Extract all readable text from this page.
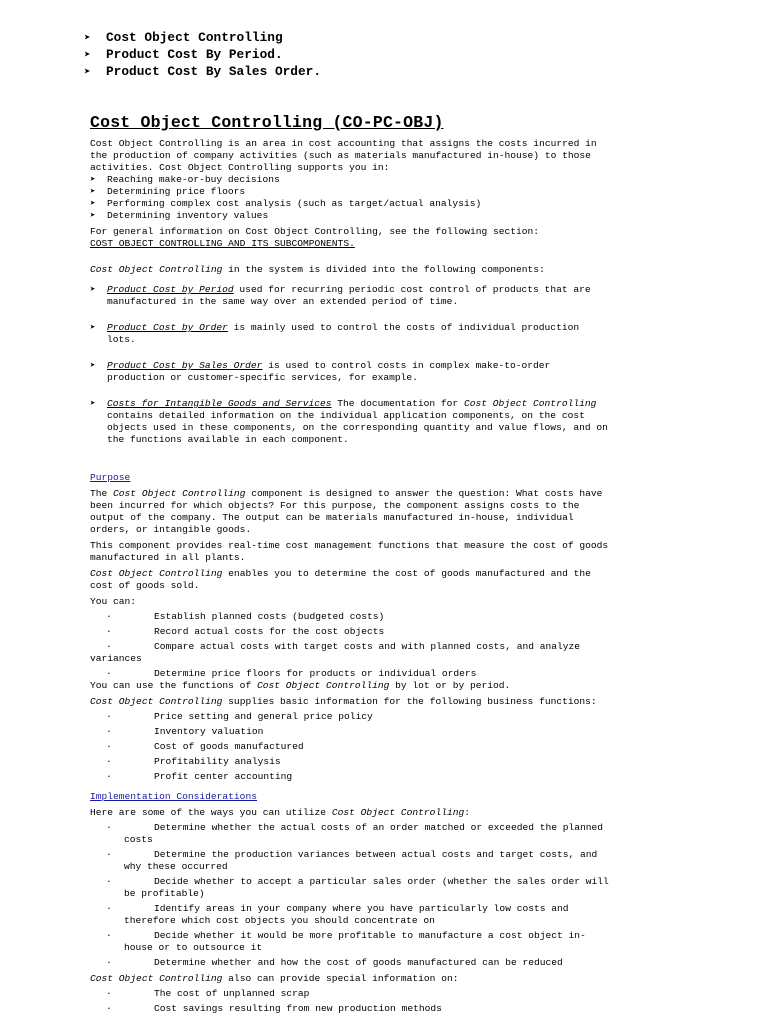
➤	Cost Object Controlling
➤	Product Cost By Period.
➤	Product Cost By Sales Order.
Cost Object Controlling (CO-PC-OBJ)

Cost Object Controlling is an area in cost accounting that assigns the costs incurred in the production of company activities (such as materials manufactured in-house) to those activities. Cost Object Controlling supports you in:

➤	Reaching make-or-buy decisions
➤	Determining price floors
➤	Performing complex cost analysis (such as target/actual analysis)
➤	Determining inventory values

For general information on Cost Object Controlling, see the following section:

COST OBJECT CONTROLLING AND ITS SUBCOMPONENTS.

Cost Object Controlling in the system is divided into the following components:

➤	Product Cost by Period used for recurring periodic cost control of products that are manufactured in the same way over an extended period of time.
➤	Product Cost by Order is mainly used to control the costs of individual production lots.
➤	Product Cost by Sales Order is used to control costs in complex make-to-order production or customer-specific services, for example.
➤	Costs for Intangible Goods and Services The documentation for Cost Object Controlling contains detailed information on the individual application components, on the cost objects used in these components, on the corresponding quantity and value flows, and on the functions available in each component.

Purpose

The Cost Object Controlling component is designed to answer the question: What costs have been incurred for which objects? For this purpose, the component assigns costs to the output of the company. The output can be materials manufactured in-house, individual orders, or intangible goods.

This component provides real-time cost management functions that measure the cost of goods manufactured in all plants.

Cost Object Controlling enables you to determine the cost of goods manufactured and the cost of goods sold.

You can:

·	Establish planned costs (budgeted costs)
·	Record actual costs for the cost objects
·	Compare actual costs with target costs and with planned costs, and analyze variances
·	Determine price floors for products or individual orders

You can use the functions of Cost Object Controlling by lot or by period.

Cost Object Controlling supplies basic information for the following business functions:

·	Price setting and general price policy
·	Inventory valuation
·	Cost of goods manufactured
·	Profitability analysis
·	Profit center accounting

Implementation Considerations

Here are some of the ways you can utilize Cost Object Controlling:

·	Determine whether the actual costs of an order matched or exceeded the planned
costs
·	Determine the production variances between actual costs and target costs, and
why these occurred
·	Decide whether to accept a particular sales order (whether the sales order will
be profitable)
·	Identify areas in your company where you have particularly low costs and
therefore which cost objects you should concentrate on
·	Decide whether it would be more profitable to manufacture a cost object in-
house or to outsource it
·	Determine whether and how the cost of goods manufactured can be reduced

Cost Object Controlling also can provide special information on:

·	The cost of unplanned scrap
·	Cost savings resulting from new production methods
